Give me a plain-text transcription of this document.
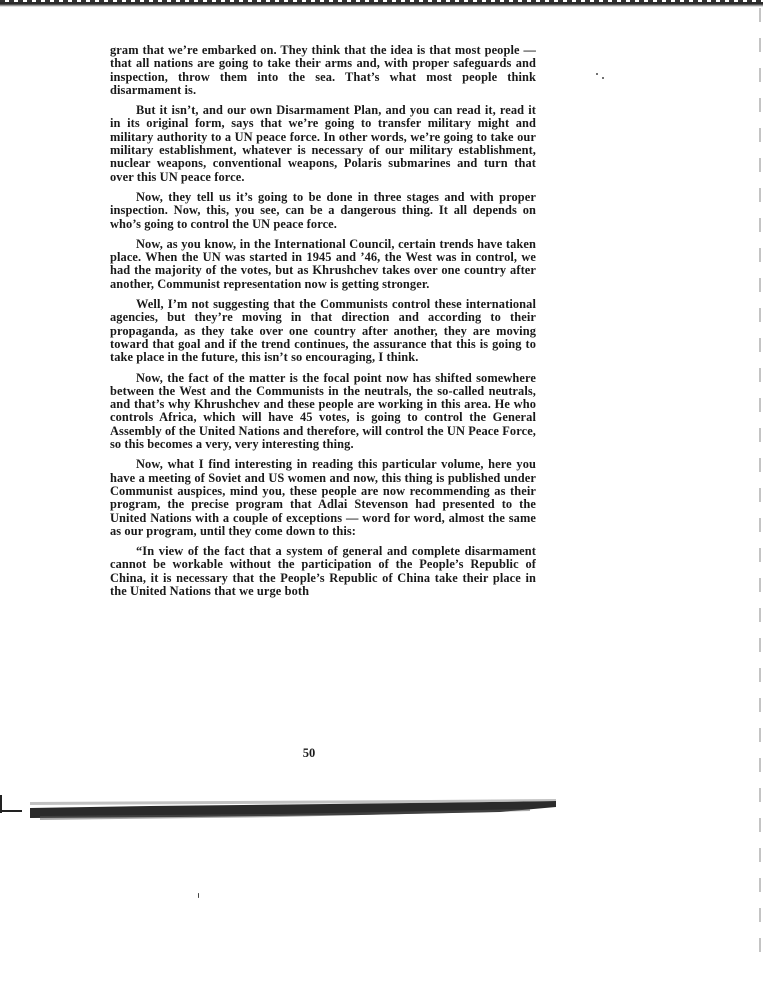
gram that we’re embarked on. They think that the idea is that most people — that all nations are going to take their arms and, with proper safeguards and inspection, throw them into the sea. That’s what most people think disarmament is.

But it isn’t, and our own Disarmament Plan, and you can read it, read it in its original form, says that we’re going to transfer military might and military authority to a UN peace force. In other words, we’re going to take our military establishment, whatever is necessary of our military establishment, nuclear weapons, conventional weapons, Polaris submarines and turn that over this UN peace force.

Now, they tell us it’s going to be done in three stages and with proper inspection. Now, this, you see, can be a dangerous thing. It all depends on who’s going to control the UN peace force.

Now, as you know, in the International Council, certain trends have taken place. When the UN was started in 1945 and ’46, the West was in control, we had the majority of the votes, but as Khrushchev takes over one country after another, Communist representation now is getting stronger.

Well, I’m not suggesting that the Communists control these international agencies, but they’re moving in that direction and according to their propaganda, as they take over one country after another, they are moving toward that goal and if the trend continues, the assurance that this is going to take place in the future, this isn’t so encouraging, I think.

Now, the fact of the matter is the focal point now has shifted somewhere between the West and the Communists in the neutrals, the so-called neutrals, and that’s why Khrushchev and these people are working in this area. He who controls Africa, which will have 45 votes, is going to control the General Assembly of the United Nations and therefore, will control the UN Peace Force, so this becomes a very, very interesting thing.

Now, what I find interesting in reading this particular volume, here you have a meeting of Soviet and US women and now, this thing is published under Communist auspices, mind you, these people are now recommending as their program, the precise program that Adlai Stevenson had presented to the United Nations with a couple of exceptions — word for word, almost the same as our program, until they come down to this:

“In view of the fact that a system of general and complete disarmament cannot be workable without the participation of the People’s Republic of China, it is necessary that the People’s Republic of China take their place in the United Nations that we urge both

50
